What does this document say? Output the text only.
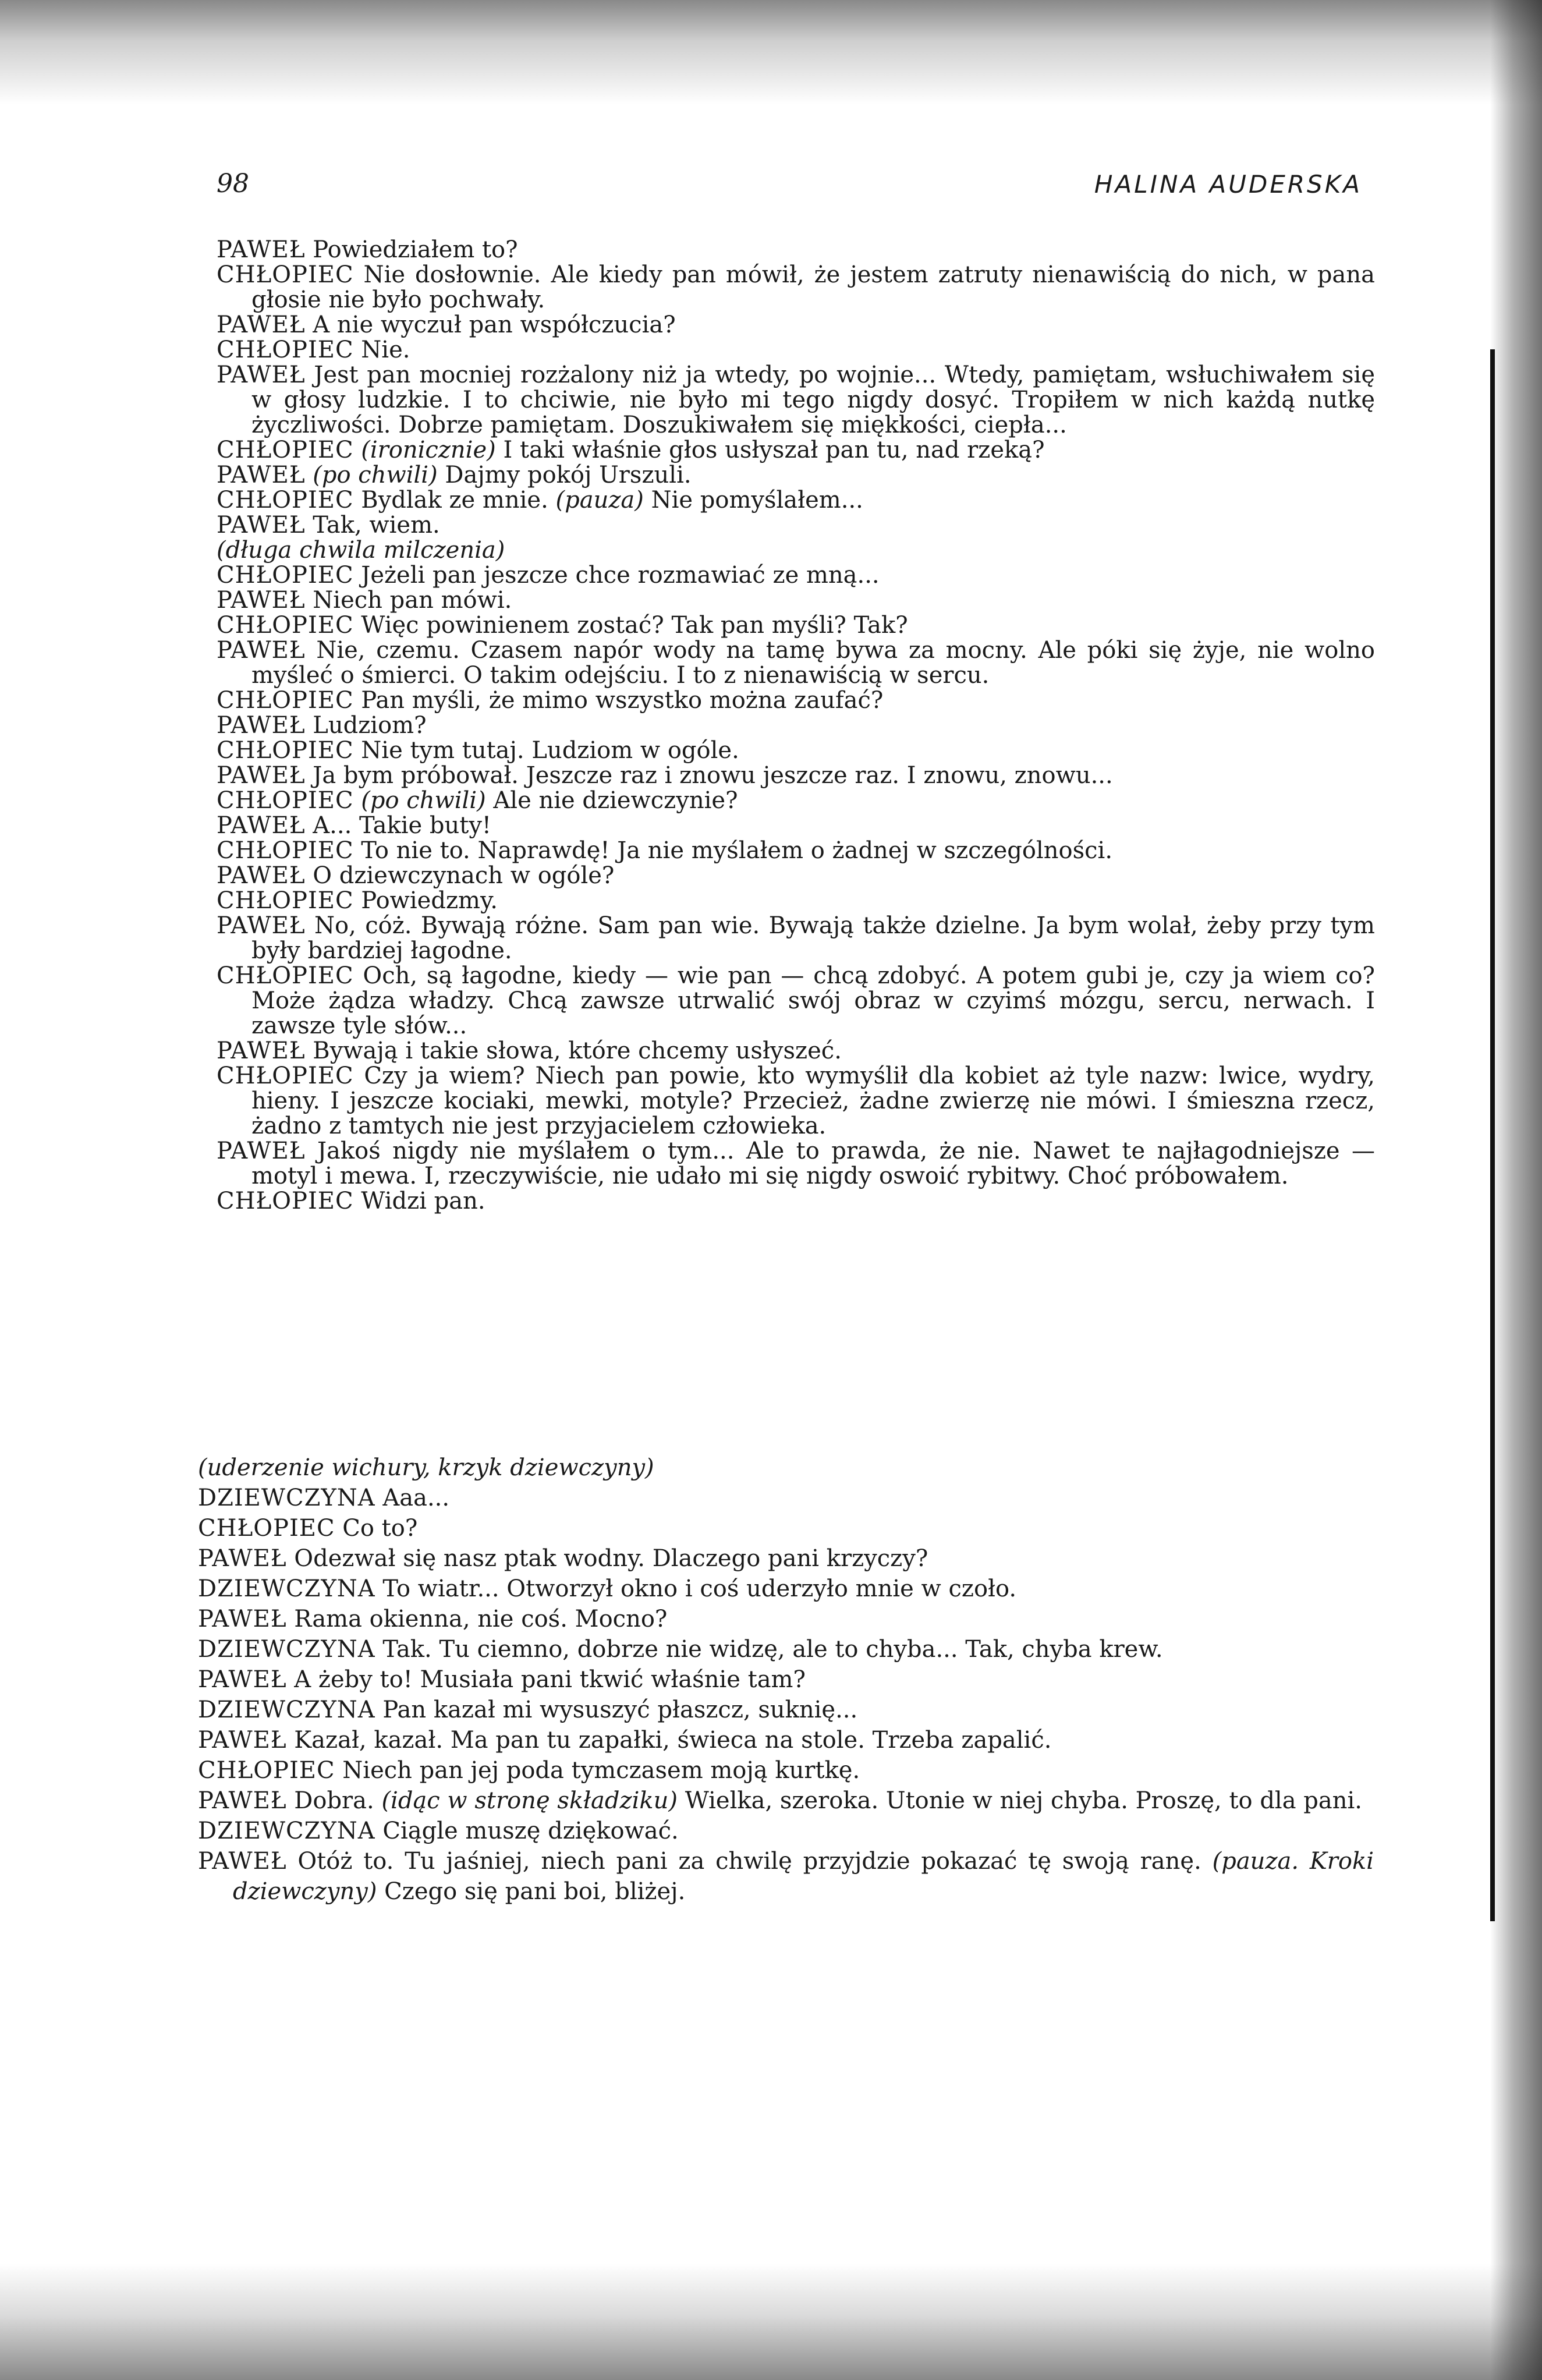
98	HALINA AUDERSKA

PAWEŁ Powiedziałem to?

CHŁOPIEC Nie dosłownie. Ale kiedy pan mówił, że jestem zatruty nienawiścią do nich, w pana głosie nie było pochwały.

PAWEŁ A nie wyczuł pan współczucia?

CHŁOPIEC Nie.

PAWEŁ Jest pan mocniej rozżalony niż ja wtedy, po wojnie... Wtedy, pamiętam, wsłuchiwałem się w głosy ludzkie. I to chciwie, nie było mi tego nigdy dosyć. Tropiłem w nich każdą nutkę życzliwości. Dobrze pamiętam. Doszukiwałem się miękkości, ciepła...

CHŁOPIEC (ironicznie) I taki właśnie głos usłyszał pan tu, nad rzeką?

PAWEŁ (po chwili) Dajmy pokój Urszuli.

CHŁOPIEC Bydlak ze mnie. (pauza) Nie pomyślałem...

PAWEŁ Tak, wiem.

(długa chwila milczenia)

CHŁOPIEC Jeżeli pan jeszcze chce rozmawiać ze mną...

PAWEŁ Niech pan mówi.

CHŁOPIEC Więc powinienem zostać? Tak pan myśli? Tak?

PAWEŁ Nie, czemu. Czasem napór wody na tamę bywa za mocny. Ale póki się żyje, nie wolno myśleć o śmierci. O takim odejściu. I to z nienawiścią w sercu.

CHŁOPIEC Pan myśli, że mimo wszystko można zaufać?

PAWEŁ Ludziom?

CHŁOPIEC Nie tym tutaj. Ludziom w ogóle.

PAWEŁ Ja bym próbował. Jeszcze raz i znowu jeszcze raz. I znowu, znowu...

CHŁOPIEC (po chwili) Ale nie dziewczynie?

PAWEŁ A... Takie buty!

CHŁOPIEC To nie to. Naprawdę! Ja nie myślałem o żadnej w szczególności.

PAWEŁ O dziewczynach w ogóle?

CHŁOPIEC Powiedzmy.

PAWEŁ No, cóż. Bywają różne. Sam pan wie. Bywają także dzielne. Ja bym wolał, żeby przy tym były bardziej łagodne.

CHŁOPIEC Och, są łagodne, kiedy — wie pan — chcą zdobyć. A potem gubi je, czy ja wiem co? Może żądza władzy. Chcą zawsze utrwalić swój obraz w czyimś mózgu, sercu, nerwach. I zawsze tyle słów...

PAWEŁ Bywają i takie słowa, które chcemy usłyszeć.

CHŁOPIEC Czy ja wiem? Niech pan powie, kto wymyślił dla kobiet aż tyle nazw: lwice, wydry, hieny. I jeszcze kociaki, mewki, motyle? Przecież, żadne zwierzę nie mówi. I śmieszna rzecz, żadno z tamtych nie jest przyjacielem człowieka.

PAWEŁ Jakoś nigdy nie myślałem o tym... Ale to prawda, że nie. Nawet te najłagodniejsze — motyl i mewa. I, rzeczywiście, nie udało mi się nigdy oswoić rybitwy. Choć próbowałem.

CHŁOPIEC Widzi pan.

(uderzenie wichury, krzyk dziewczyny)

DZIEWCZYNA Aaa...

CHŁOPIEC Co to?

PAWEŁ Odezwał się nasz ptak wodny. Dlaczego pani krzyczy?

DZIEWCZYNA To wiatr... Otworzył okno i coś uderzyło mnie w czoło.

PAWEŁ Rama okienna, nie coś. Mocno?

DZIEWCZYNA Tak. Tu ciemno, dobrze nie widzę, ale to chyba... Tak, chyba krew.

PAWEŁ A żeby to! Musiała pani tkwić właśnie tam?

DZIEWCZYNA Pan kazał mi wysuszyć płaszcz, suknię...

PAWEŁ Kazał, kazał. Ma pan tu zapałki, świeca na stole. Trzeba zapalić.

CHŁOPIEC Niech pan jej poda tymczasem moją kurtkę.

PAWEŁ Dobra. (idąc w stronę składziku) Wielka, szeroka. Utonie w niej chyba. Proszę, to dla pani.

DZIEWCZYNA Ciągle muszę dziękować.

PAWEŁ Otóż to. Tu jaśniej, niech pani za chwilę przyjdzie pokazać tę swoją ranę. (pauza. Kroki dziewczyny) Czego się pani boi, bliżej.
